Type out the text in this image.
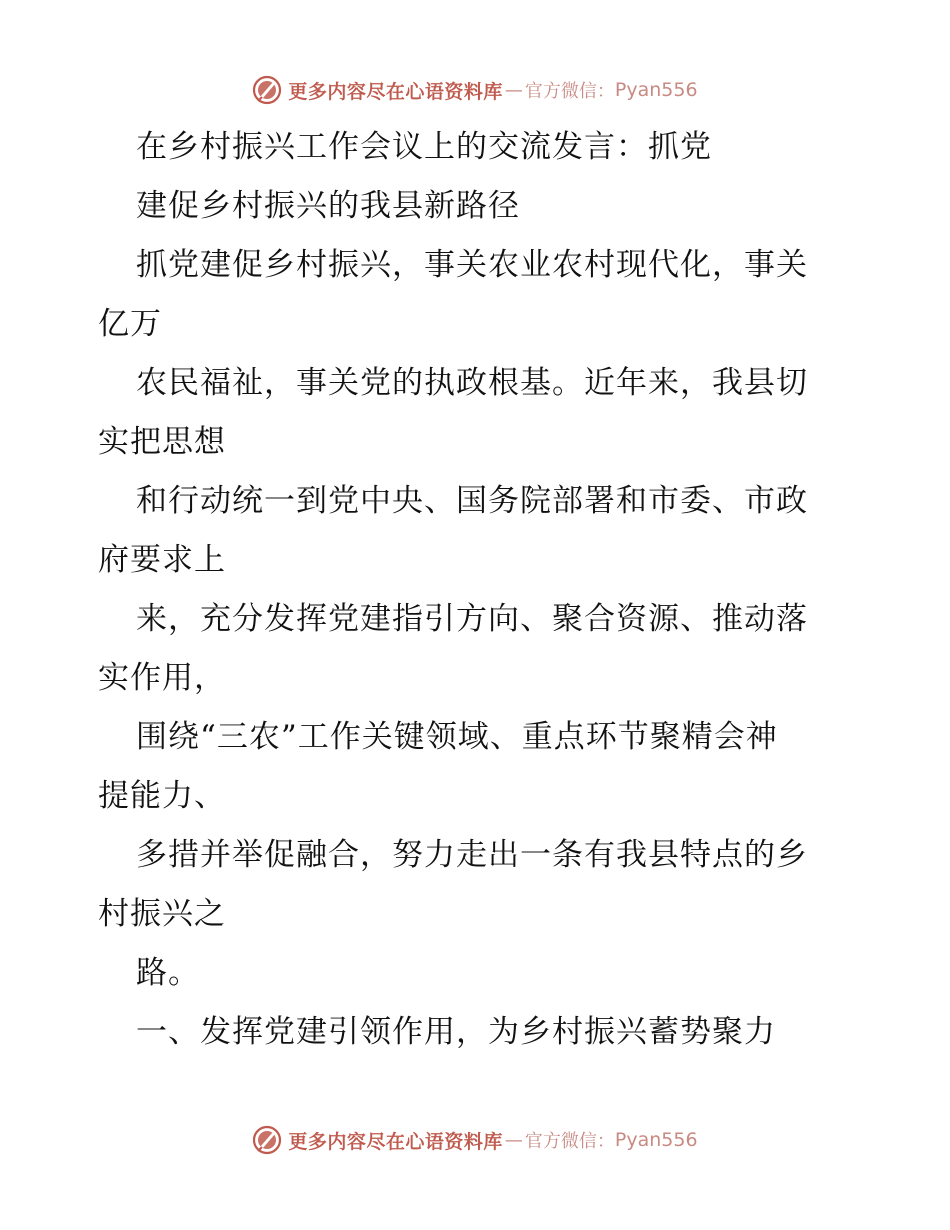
更多内容尽在心语资料库 — 官方微信： Pyan556
在乡村振兴工作会议上的交流发言：抓党
建促乡村振兴的我县新路径
抓党建促乡村振兴，事关农业农村现代化，事关
亿万
农民福祉，事关党的执政根基。近年来，我县切
实把思想
和行动统一到党中央、国务院部署和市委、市政
府要求上
来，充分发挥党建指引方向、聚合资源、推动落
实作用，
围绕“三农”工作关键领域、重点环节聚精会神
提能力、
多措并举促融合，努力走出一条有我县特点的乡
村振兴之
路。
一、发挥党建引领作用，为乡村振兴蓄势聚力
更多内容尽在心语资料库 — 官方微信： Pyan556
